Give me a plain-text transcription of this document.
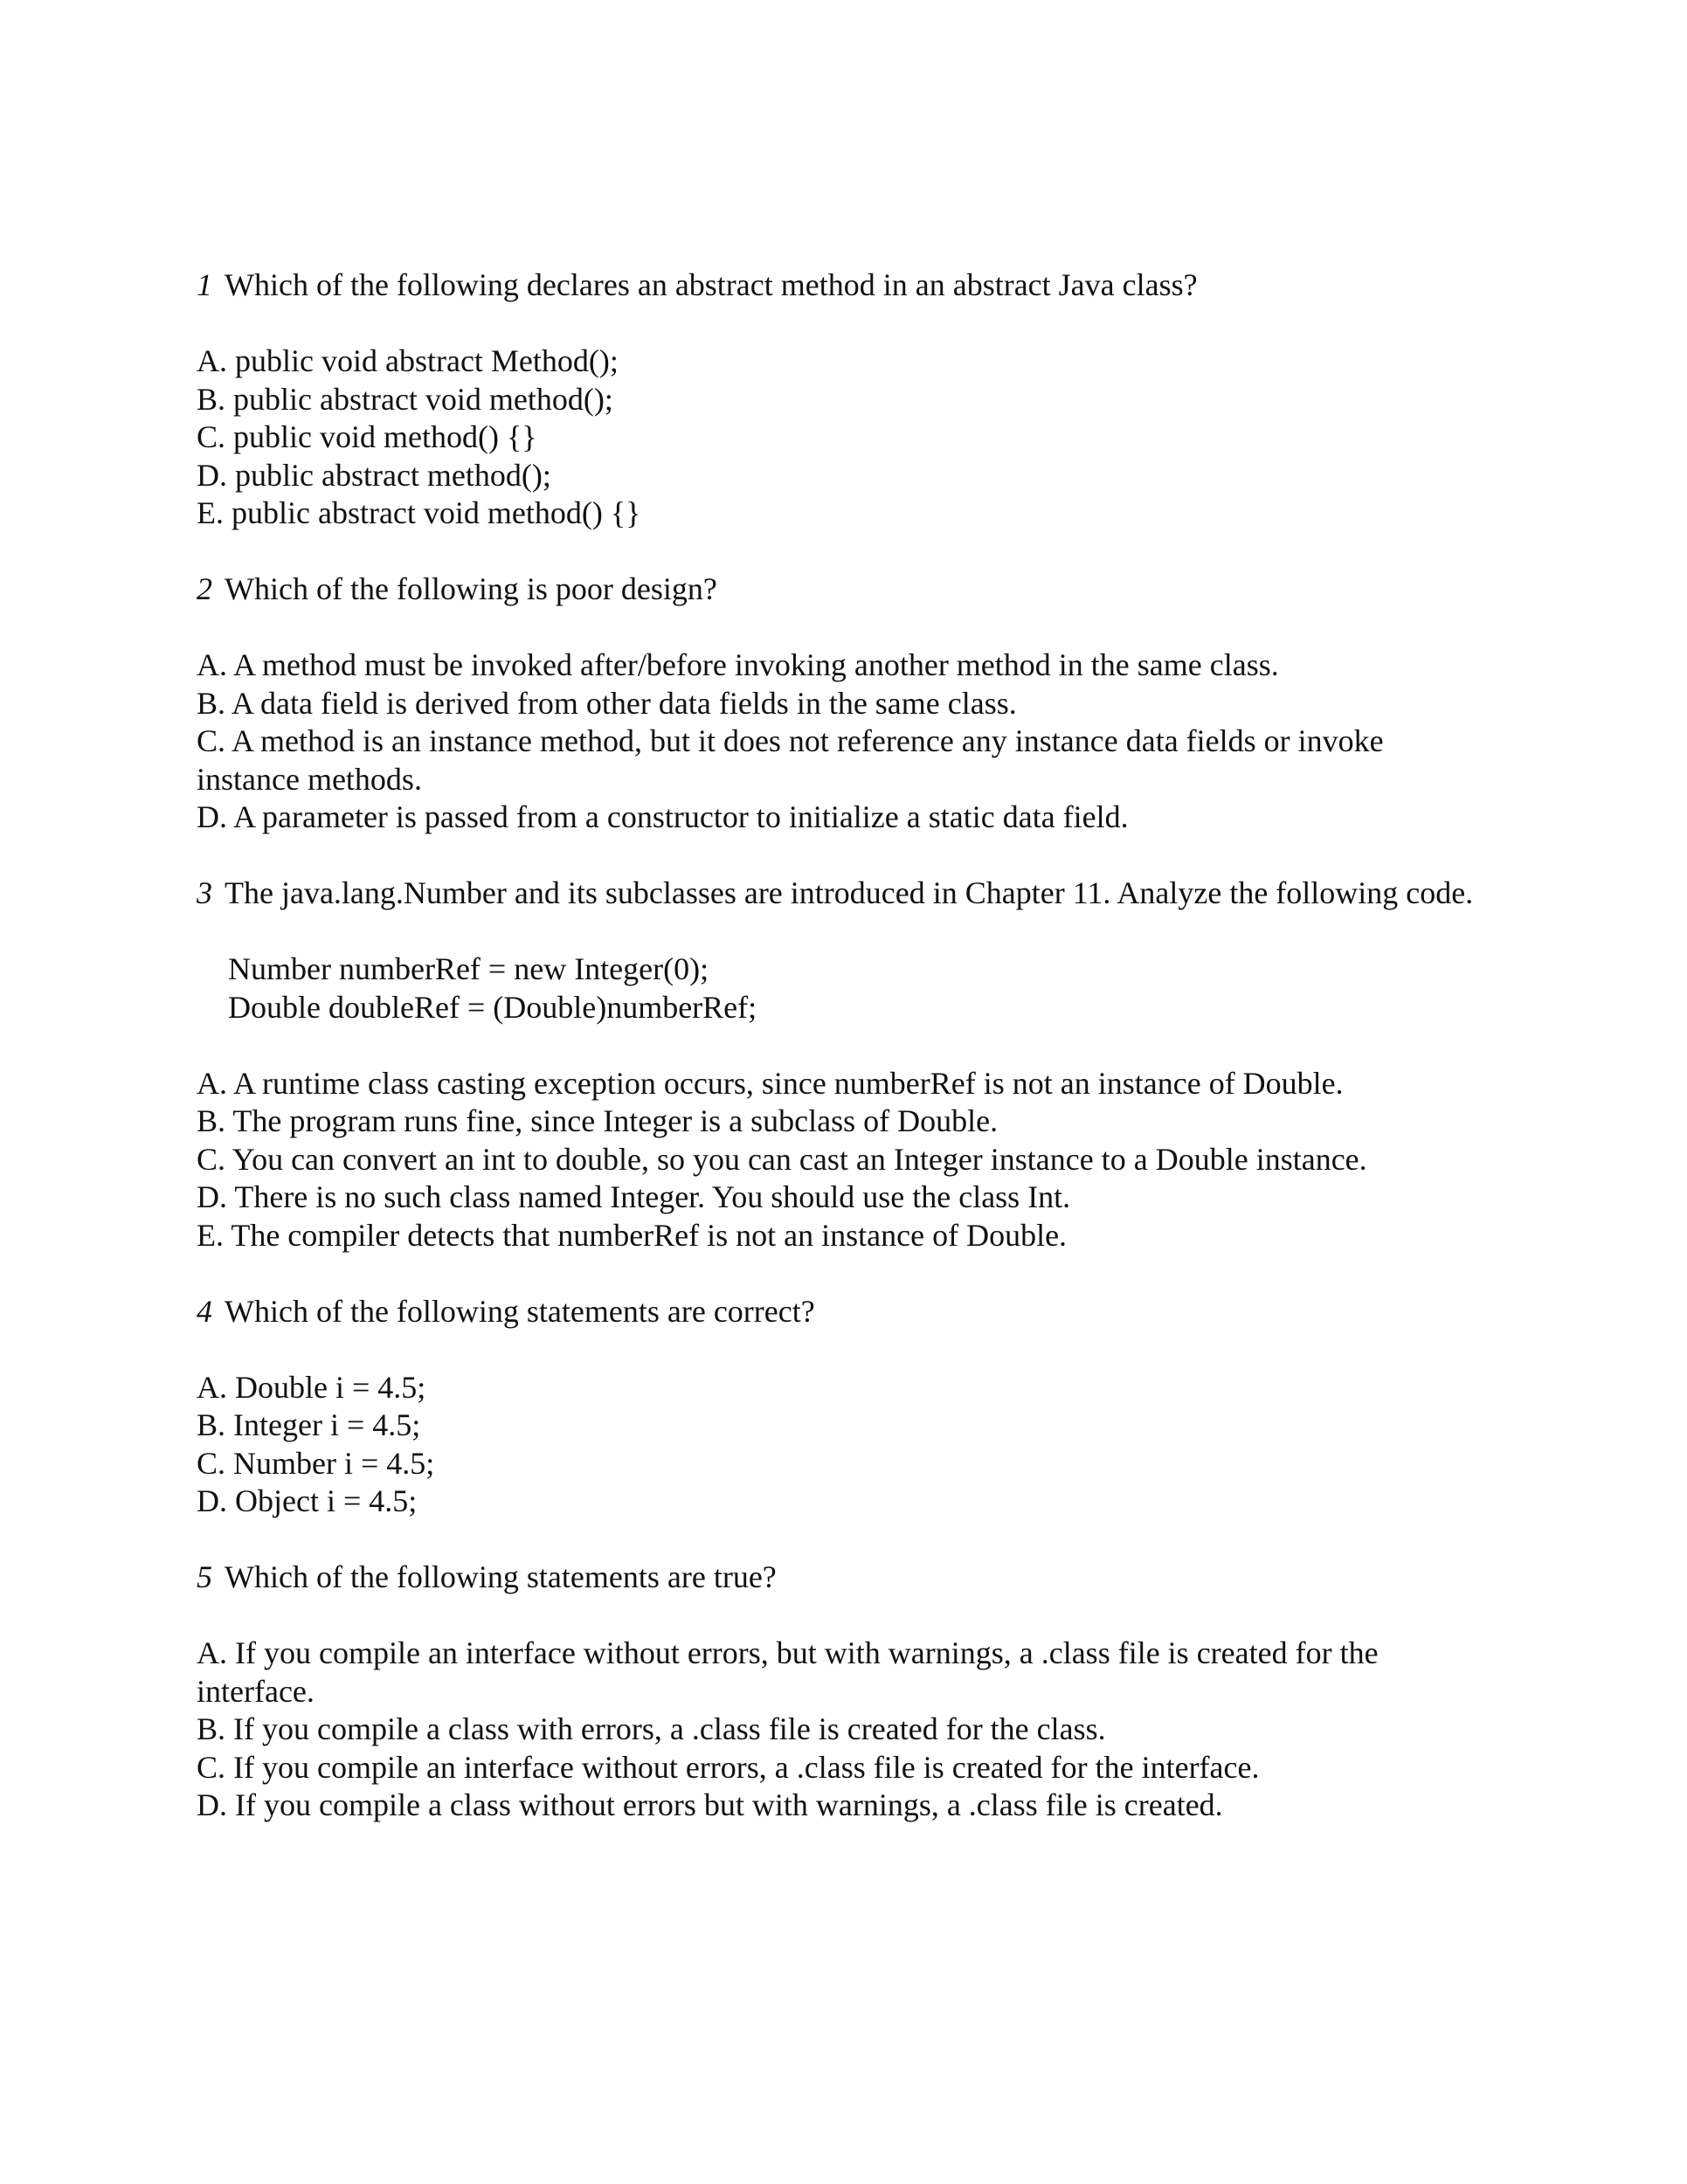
1 Which of the following declares an abstract method in an abstract Java class?

A. public void abstract Method();
B. public abstract void method();
C. public void method() {}
D. public abstract method();
E. public abstract void method() {}

2 Which of the following is poor design?

A. A method must be invoked after/before invoking another method in the same class.
B. A data field is derived from other data fields in the same class.
C. A method is an instance method, but it does not reference any instance data fields or invoke instance methods.
D. A parameter is passed from a constructor to initialize a static data field.

3 The java.lang.Number and its subclasses are introduced in Chapter 11. Analyze the following code.

Number numberRef = new Integer(0);

Double doubleRef = (Double)numberRef;

A. A runtime class casting exception occurs, since numberRef is not an instance of Double.
B. The program runs fine, since Integer is a subclass of Double.
C. You can convert an int to double, so you can cast an Integer instance to a Double instance.
D. There is no such class named Integer. You should use the class Int.
E. The compiler detects that numberRef is not an instance of Double.

4 Which of the following statements are correct?

A. Double i = 4.5;
B. Integer i = 4.5;
C. Number i = 4.5;
D. Object i = 4.5;

5 Which of the following statements are true?

A. If you compile an interface without errors, but with warnings, a .class file is created for the interface.
B. If you compile a class with errors, a .class file is created for the class.
C. If you compile an interface without errors, a .class file is created for the interface.
D. If you compile a class without errors but with warnings, a .class file is created.
